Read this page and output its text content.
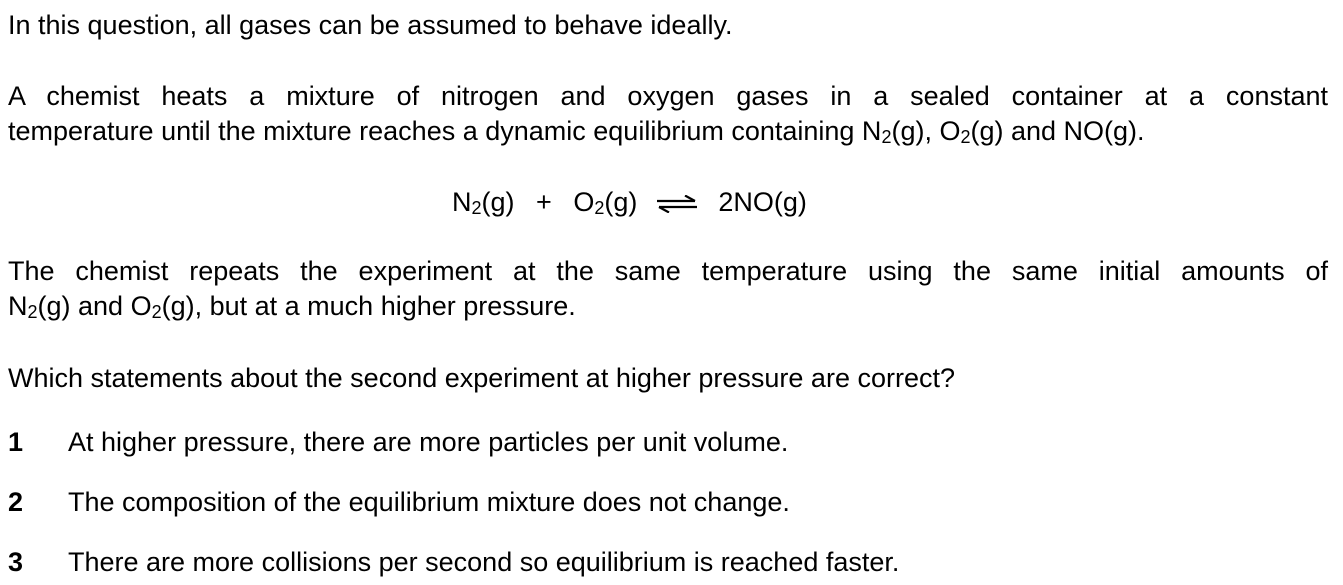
In this question, all gases can be assumed to behave ideally.
A chemist heats a mixture of nitrogen and oxygen gases in a sealed container at a constant
temperature until the mixture reaches a dynamic equilibrium containing $N_2(g)$, $O_2(g)$ and NO(g).
$N_2(g) + O_2(g)$ ⇌ 2NO(g)
The chemist repeats the experiment at the same temperature using the same initial amounts of
$N_2(g)$ and $O_2(g)$, but at a much higher pressure.
Which statements about the second experiment at higher pressure are correct?
1 At higher pressure, there are more particles per unit volume.
2 The composition of the equilibrium mixture does not change.
3 There are more collisions per second so equilibrium is reached faster.
